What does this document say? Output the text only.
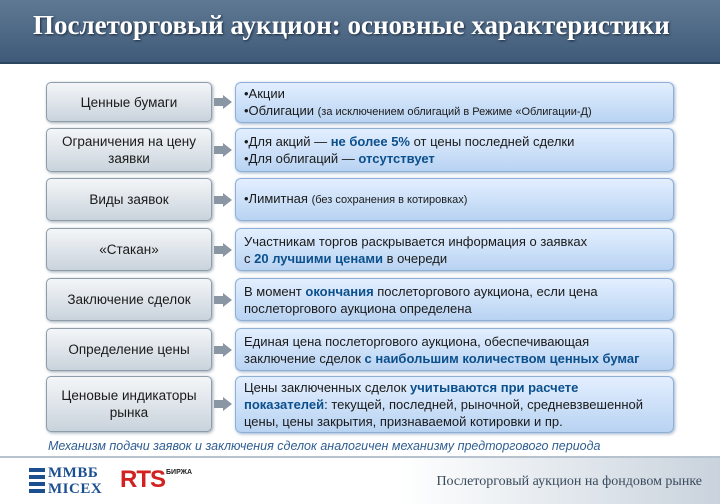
Послеторговый аукцион: основные характеристики
Ценные бумаги
•Акции
•Облигации (за исключением облигаций в Режиме «Облигации-Д)
Ограничения на цену заявки
•Для акций — не более 5% от цены последней сделки
•Для облигаций — отсутствует
Виды заявок	•Лимитная (без сохранения в котировках)
«Стакан»
Участникам торгов раскрывается информация о заявках
с 20 лучшими ценами в очереди
Заключение сделок
В момент окончания послеторгового аукциона, если цена
послеторгового аукциона определена
Определение цены
Единая цена послеторгового аукциона, обеспечивающая
заключение сделок с наибольшим количеством ценных бумаг
Ценовые индикаторы рынка
Цены заключенных сделок учитываются при расчете
показателей: текущей, последней, рыночной, средневзвешенной
цены, цены закрытия, признаваемой котировки и пр.
Механизм подачи заявок и заключения сделок аналогичен механизму предторгового периода
ММВБ
MICEX RTS БИРЖА
Послеторговый аукцион на фондовом рынке
